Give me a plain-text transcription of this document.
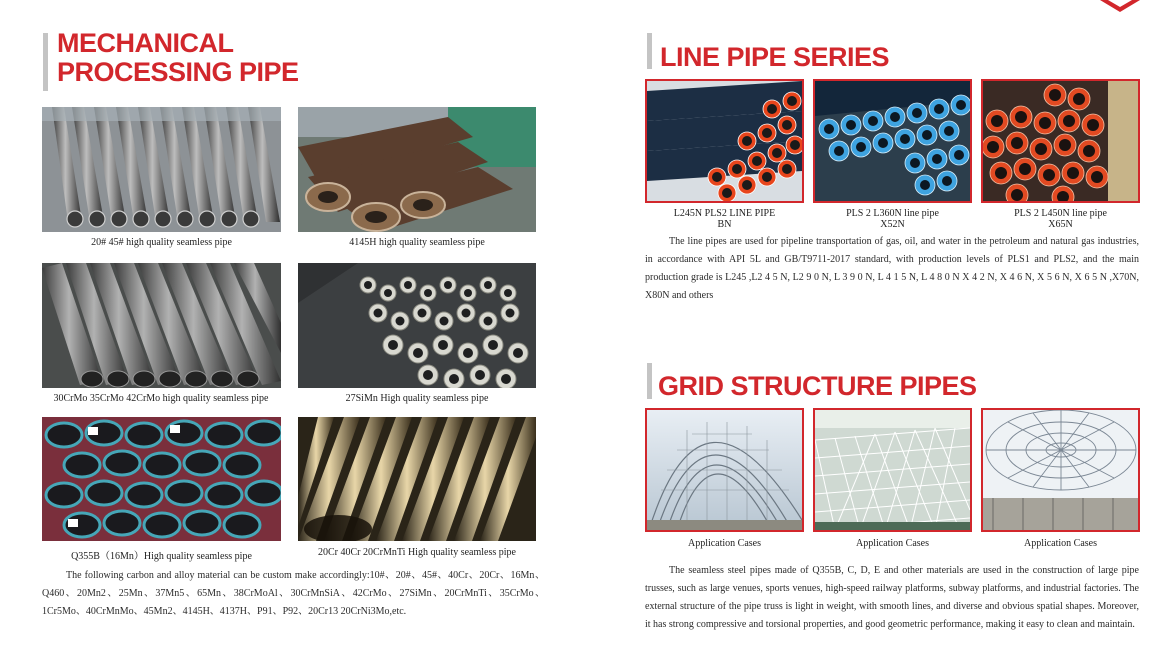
MECHANICAL
PROCESSING PIPE
20# 45# high quality seamless pipe	4145H high quality seamless pipe
30CrMo 35CrMo 42CrMo high quality seamless pipe	27SiMn High quality seamless pipe
Q355B（16Mn）High quality seamless pipe	20Cr 40Cr 20CrMnTi High quality seamless pipe
The following carbon and alloy material can be custom make accordingly:10#、20#、45#、40Cr、20Cr、16Mn、Q460、20Mn2、25Mn、37Mn5、65Mn、38CrMoAl、30CrMnSiA、42CrMo、27SiMn、20CrMnTi、35CrMo、1Cr5Mo、40CrMnMo、45Mn2、4145H、4137H、P91、P92、20Cr13 20CrNi3Mo,etc.
LINE PIPE SERIES
L245N PLS2 LINE PIPE
BN
PLS 2 L360N line pipe
X52N
PLS 2 L450N line pipe
X65N
The line pipes are used for pipeline transportation of gas, oil, and water in the petroleum and natural gas industries, in accordance with API 5L and GB/T9711-2017 standard, with production levels of PLS1 and PLS2, and the main production grade is L245 ,L2 4 5 N, L2 9 0 N, L 3 9 0 N, L 4 1 5 N, L 4 8 0 N X 4 2 N, X 4 6 N, X 5 6 N, X 6 5 N ,X70N, X80N and others
GRID STRUCTURE PIPES
Application Cases	Application Cases	Application Cases
The seamless steel pipes made of Q355B, C, D, E and other materials are used in the construction of large pipe trusses, such as large venues, sports venues, high-speed railway platforms, subway platforms, and industrial factories. The external structure of the pipe truss is light in weight, with smooth lines, and diverse and obvious spatial shapes. Moreover, it has strong compressive and torsional properties, and good geometric performance, making it easy to clean and maintain.
